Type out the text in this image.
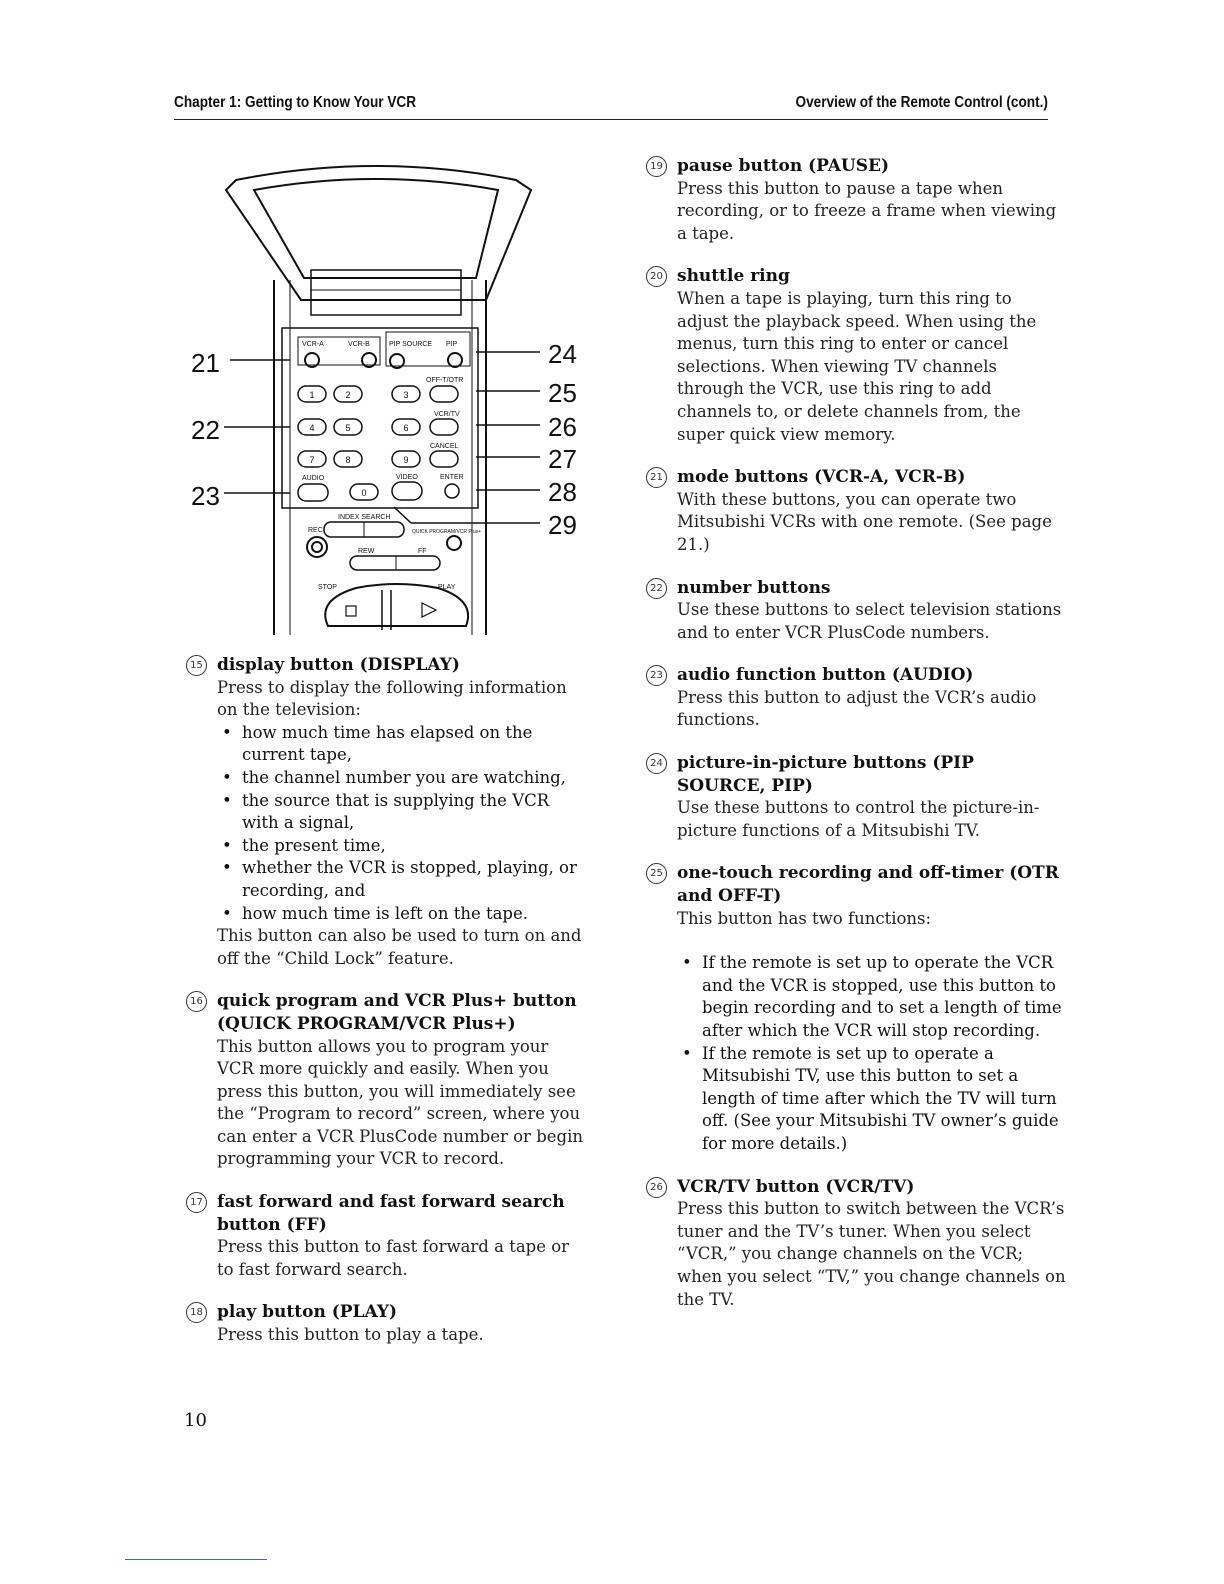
Chapter 1: Getting to Know Your VCR	Overview of the Remote Control (cont.)
21
22
23
24
25
26
27
28
29
VCR-A	VCR-B	PIP SOURCE PIP
OFF-T/OTR
VCR/TV
CANCEL
AUDIO	VIDEO	ENTER
REC
INDEX SEARCH
QUICK PROGRAM/VCR Plus+
REW	FF
STOP	PLAY
1	2	3
4	5	6
7	8	9
0
15 display button (DISPLAY)
Press to display the following information on the television:
• how much time has elapsed on the current tape,
• the channel number you are watching,
• the source that is supplying the VCR with a signal,
• the present time,
• whether the VCR is stopped, playing, or recording, and
• how much time is left on the tape.
This button can also be used to turn on and off the “Child Lock” feature.
16 quick program and VCR Plus+ button (QUICK PROGRAM/VCR Plus+)
This button allows you to program your VCR more quickly and easily. When you press this button, you will immediately see the “Program to record” screen, where you can enter a VCR PlusCode number or begin programming your VCR to record.
17 fast forward and fast forward search button (FF)
Press this button to fast forward a tape or to fast forward search.
18 play button (PLAY)
Press this button to play a tape.
19 pause button (PAUSE)
Press this button to pause a tape when recording, or to freeze a frame when viewing a tape.
20 shuttle ring
When a tape is playing, turn this ring to adjust the playback speed. When using the menus, turn this ring to enter or cancel selections. When viewing TV channels through the VCR, use this ring to add channels to, or delete channels from, the super quick view memory.
21 mode buttons (VCR-A, VCR-B)
With these buttons, you can operate two Mitsubishi VCRs with one remote. (See page 21.)
22 number buttons
Use these buttons to select television stations and to enter VCR PlusCode numbers.
23 audio function button (AUDIO)
Press this button to adjust the VCR’s audio functions.
24 picture-in-picture buttons (PIP SOURCE, PIP)
Use these buttons to control the picture-in-picture functions of a Mitsubishi TV.
25 one-touch recording and off-timer (OTR and OFF-T)
This button has two functions:
• If the remote is set up to operate the VCR and the VCR is stopped, use this button to begin recording and to set a length of time after which the VCR will stop recording.
• If the remote is set up to operate a Mitsubishi TV, use this button to set a length of time after which the TV will turn off. (See your Mitsubishi TV owner’s guide for more details.)
26 VCR/TV button (VCR/TV)
Press this button to switch between the VCR’s tuner and the TV’s tuner. When you select “VCR,” you change channels on the VCR; when you select “TV,” you change channels on the TV.
10
